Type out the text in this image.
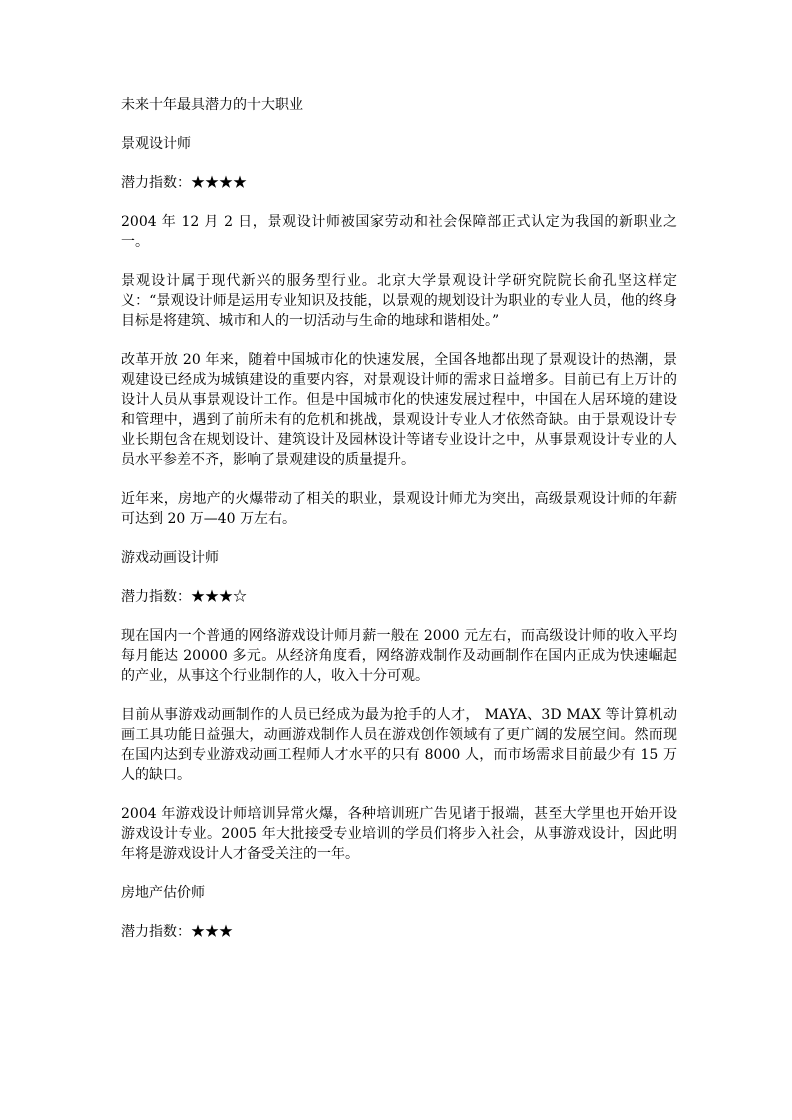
未来十年最具潜力的十大职业

景观设计师

潜力指数：★★★★

2004 年 12 月 2 日，景观设计师被国家劳动和社会保障部正式认定为我国的新职业之一。

景观设计属于现代新兴的服务型行业。北京大学景观设计学研究院院长俞孔坚这样定义：“景观设计师是运用专业知识及技能，以景观的规划设计为职业的专业人员，他的终身目标是将建筑、城市和人的一切活动与生命的地球和谐相处。”

改革开放 20 年来，随着中国城市化的快速发展，全国各地都出现了景观设计的热潮，景观建设已经成为城镇建设的重要内容，对景观设计师的需求日益增多。目前已有上万计的设计人员从事景观设计工作。但是中国城市化的快速发展过程中，中国在人居环境的建设和管理中，遇到了前所未有的危机和挑战，景观设计专业人才依然奇缺。由于景观设计专业长期包含在规划设计、建筑设计及园林设计等诸专业设计之中，从事景观设计专业的人员水平参差不齐，影响了景观建设的质量提升。

近年来，房地产的火爆带动了相关的职业，景观设计师尤为突出，高级景观设计师的年薪可达到 20 万—40 万左右。

游戏动画设计师

潜力指数：★★★☆

现在国内一个普通的网络游戏设计师月薪一般在 2000 元左右，而高级设计师的收入平均每月能达 20000 多元。从经济角度看，网络游戏制作及动画制作在国内正成为快速崛起的产业，从事这个行业制作的人，收入十分可观。

目前从事游戏动画制作的人员已经成为最为抢手的人才， MAYA、3D MAX 等计算机动画工具功能日益强大，动画游戏制作人员在游戏创作领域有了更广阔的发展空间。然而现在国内达到专业游戏动画工程师人才水平的只有 8000 人，而市场需求目前最少有 15 万人的缺口。

2004 年游戏设计师培训异常火爆，各种培训班广告见诸于报端，甚至大学里也开始开设游戏设计专业。2005 年大批接受专业培训的学员们将步入社会，从事游戏设计，因此明年将是游戏设计人才备受关注的一年。

房地产估价师

潜力指数：★★★
